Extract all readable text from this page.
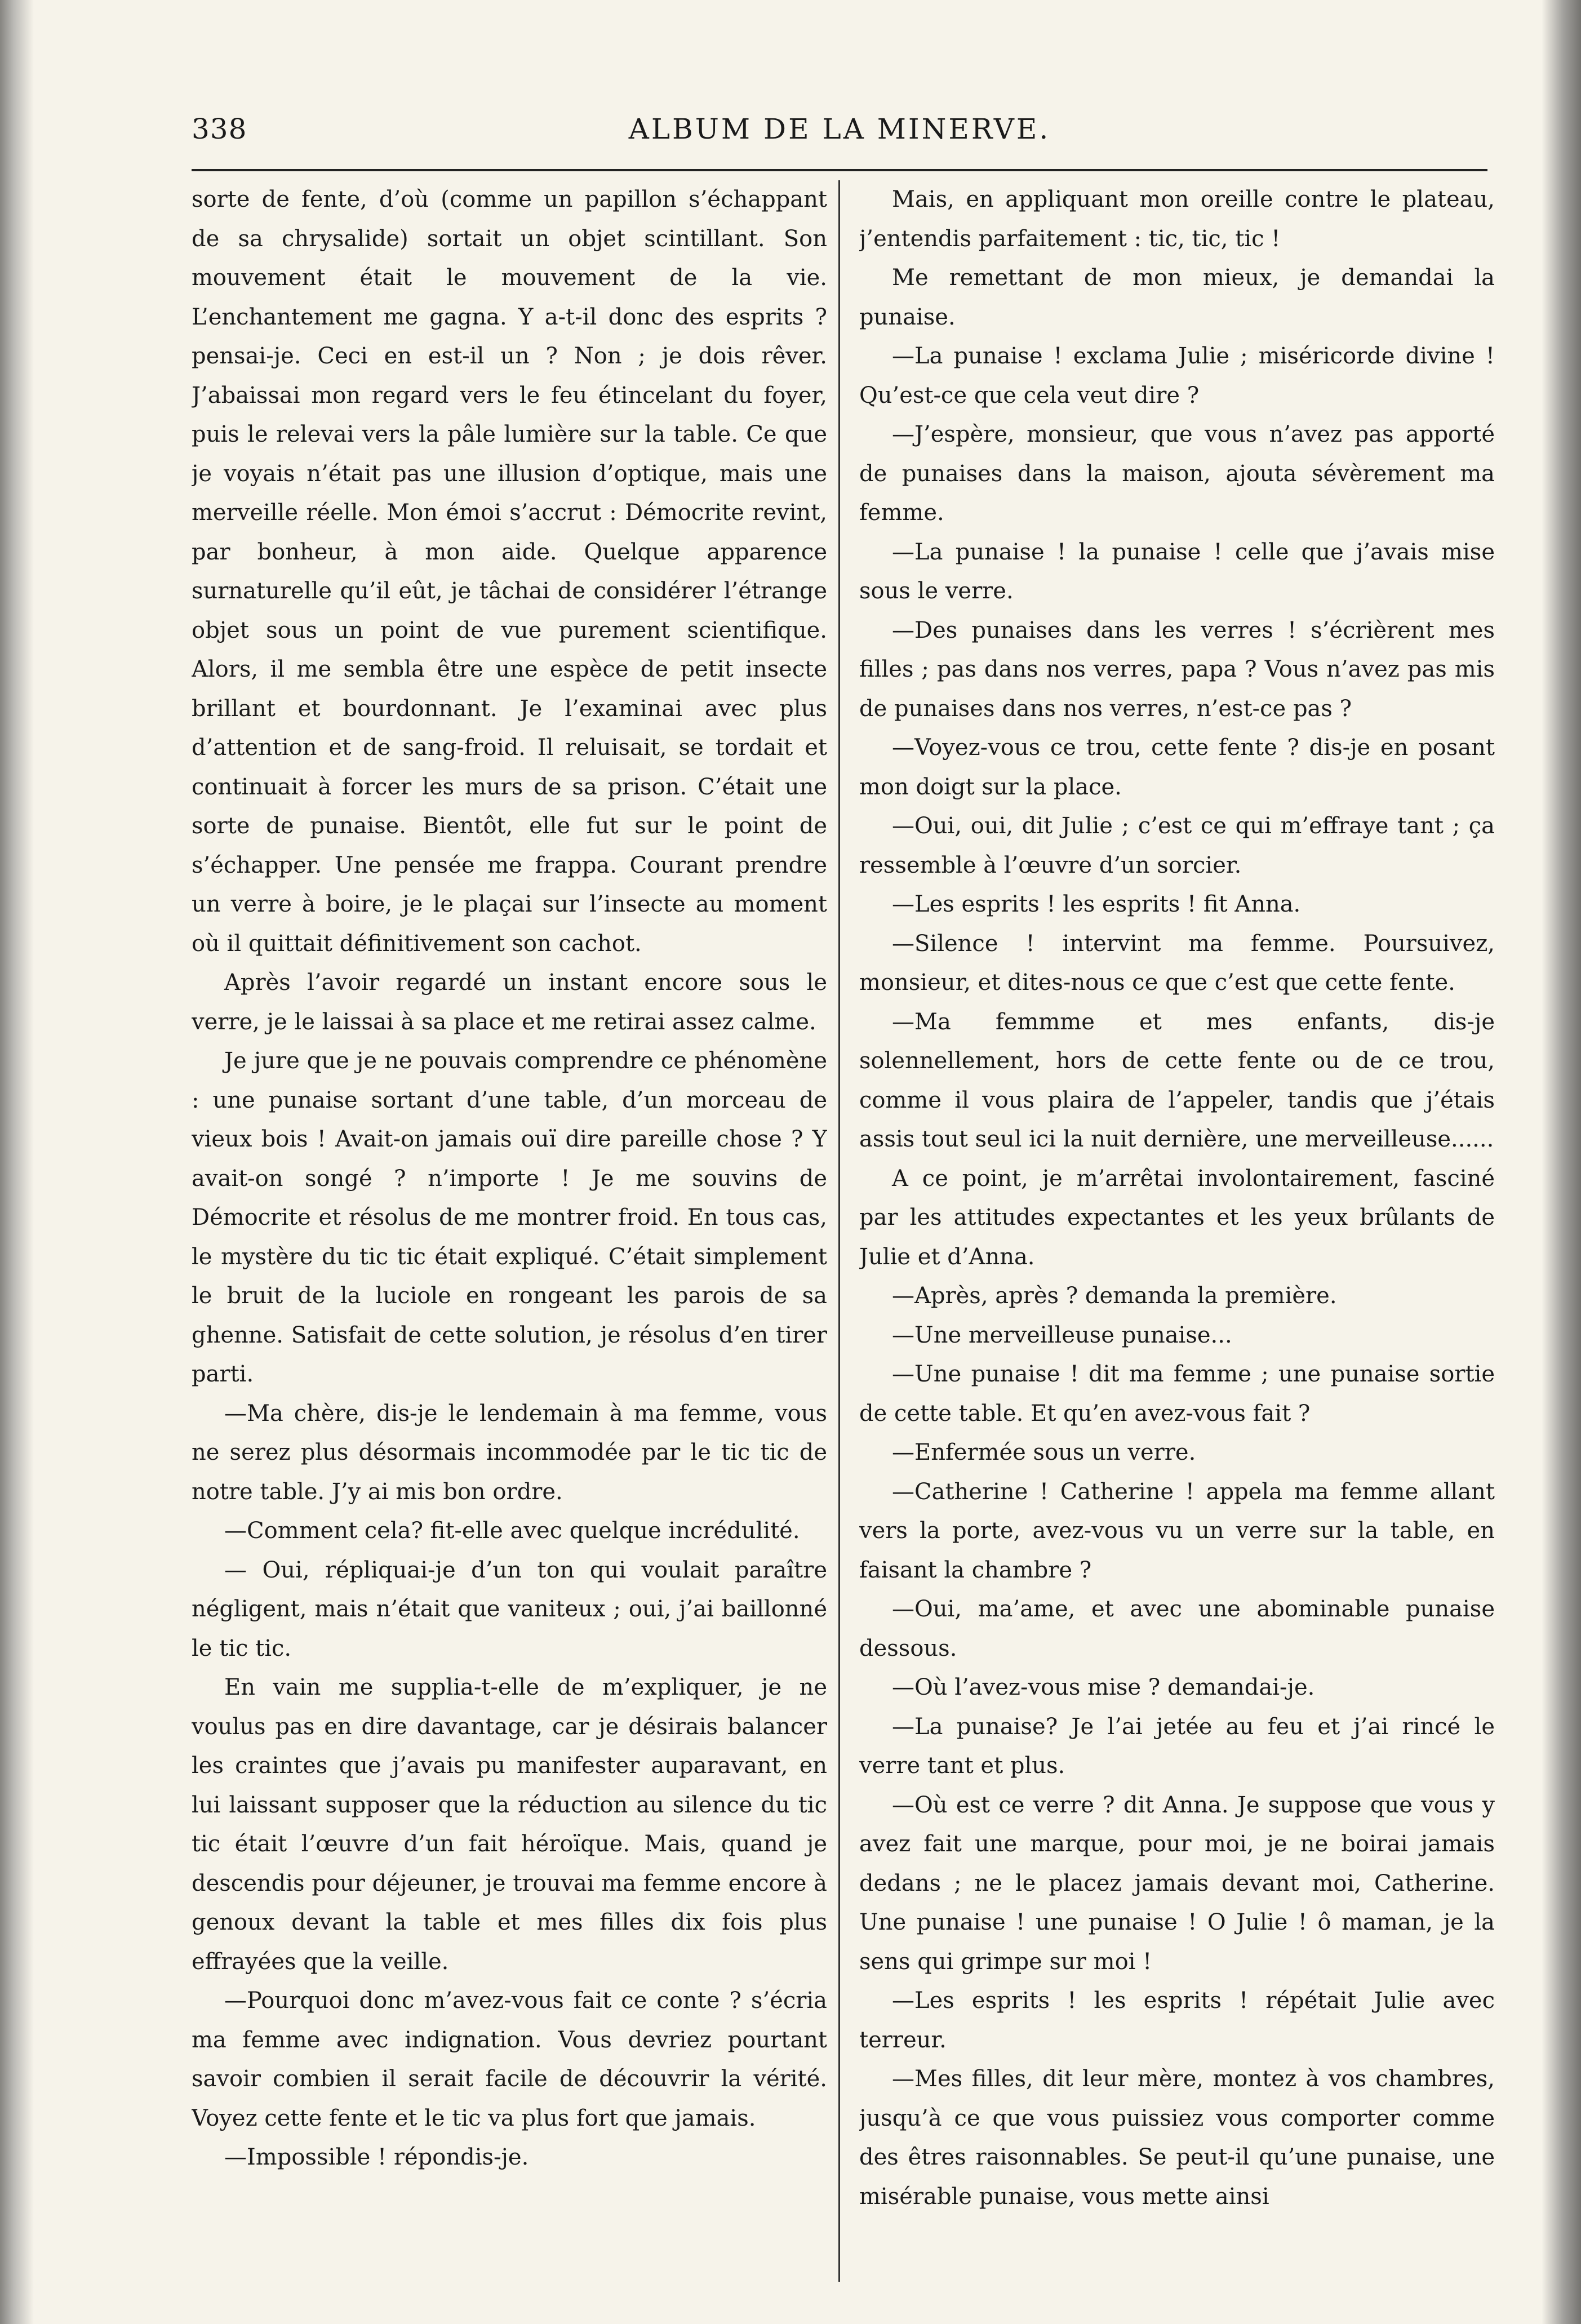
338	ALBUM DE LA MINERVE.

sorte de fente, d’où (comme un papillon s’échappant de sa chrysalide) sortait un objet scintillant. Son mouvement était le mouvement de la vie. L’enchantement me gagna. Y a-t-il donc des esprits ? pensai-je. Ceci en est-il un ? Non ; je dois rêver. J’abaissai mon regard vers le feu étincelant du foyer, puis le relevai vers la pâle lumière sur la table. Ce que je voyais n’était pas une illusion d’optique, mais une merveille réelle. Mon émoi s’accrut : Démocrite revint, par bonheur, à mon aide. Quelque apparence surnaturelle qu’il eût, je tâchai de considérer l’étrange objet sous un point de vue purement scientifique. Alors, il me sembla être une espèce de petit insecte brillant et bourdonnant. Je l’examinai avec plus d’attention et de sang-froid. Il reluisait, se tordait et continuait à forcer les murs de sa prison. C’était une sorte de punaise. Bientôt, elle fut sur le point de s’échapper. Une pensée me frappa. Courant prendre un verre à boire, je le plaçai sur l’insecte au moment où il quittait définitivement son cachot.

Après l’avoir regardé un instant encore sous le verre, je le laissai à sa place et me retirai assez calme.

Je jure que je ne pouvais comprendre ce phénomène : une punaise sortant d’une table, d’un morceau de vieux bois ! Avait-on jamais ouï dire pareille chose ? Y avait-on songé ? n’importe ! Je me souvins de Démocrite et résolus de me montrer froid. En tous cas, le mystère du tic tic était expliqué. C’était simplement le bruit de la luciole en rongeant les parois de sa ghenne. Satisfait de cette solution, je résolus d’en tirer parti.

—Ma chère, dis-je le lendemain à ma femme, vous ne serez plus désormais incommodée par le tic tic de notre table. J’y ai mis bon ordre.

—Comment cela? fit-elle avec quelque incrédulité.

— Oui, répliquai-je d’un ton qui voulait paraître négligent, mais n’était que vaniteux ; oui, j’ai baillonné le tic tic.

En vain me supplia-t-elle de m’expliquer, je ne voulus pas en dire davantage, car je désirais balancer les craintes que j’avais pu manifester auparavant, en lui laissant supposer que la réduction au silence du tic tic était l’œuvre d’un fait héroïque. Mais, quand je descendis pour déjeuner, je trouvai ma femme encore à genoux devant la table et mes filles dix fois plus effrayées que la veille.

—Pourquoi donc m’avez-vous fait ce conte ? s’écria ma femme avec indignation. Vous devriez pourtant savoir combien il serait facile de découvrir la vérité. Voyez cette fente et le tic va plus fort que jamais.

—Impossible ! répondis-je.

Mais, en appliquant mon oreille contre le plateau, j’entendis parfaitement : tic, tic, tic !

Me remettant de mon mieux, je demandai la punaise.

—La punaise ! exclama Julie ; miséricorde divine ! Qu’est-ce que cela veut dire ?

—J’espère, monsieur, que vous n’avez pas apporté de punaises dans la maison, ajouta sévèrement ma femme.

—La punaise ! la punaise ! celle que j’avais mise sous le verre.

—Des punaises dans les verres ! s’écrièrent mes filles ; pas dans nos verres, papa ? Vous n’avez pas mis de punaises dans nos verres, n’est-ce pas ?

—Voyez-vous ce trou, cette fente ? dis-je en posant mon doigt sur la place.

—Oui, oui, dit Julie ; c’est ce qui m’effraye tant ; ça ressemble à l’œuvre d’un sorcier.

—Les esprits ! les esprits ! fit Anna.

—Silence ! intervint ma femme. Poursuivez, monsieur, et dites-nous ce que c’est que cette fente.

—Ma femmme et mes enfants, dis-je solennellement, hors de cette fente ou de ce trou, comme il vous plaira de l’appeler, tandis que j’étais assis tout seul ici la nuit dernière, une merveilleuse......

A ce point, je m’arrêtai involontairement, fasciné par les attitudes expectantes et les yeux brûlants de Julie et d’Anna.

—Après, après ? demanda la première.

—Une merveilleuse punaise...

—Une punaise ! dit ma femme ; une punaise sortie de cette table. Et qu’en avez-vous fait ?

—Enfermée sous un verre.

—Catherine ! Catherine ! appela ma femme allant vers la porte, avez-vous vu un verre sur la table, en faisant la chambre ?

—Oui, ma’ame, et avec une abominable punaise dessous.

—Où l’avez-vous mise ? demandai-je.

—La punaise? Je l’ai jetée au feu et j’ai rincé le verre tant et plus.

—Où est ce verre ? dit Anna. Je suppose que vous y avez fait une marque, pour moi, je ne boirai jamais dedans ; ne le placez jamais devant moi, Catherine. Une punaise ! une punaise ! O Julie ! ô maman, je la sens qui grimpe sur moi !

—Les esprits ! les esprits ! répétait Julie avec terreur.

—Mes filles, dit leur mère, montez à vos chambres, jusqu’à ce que vous puissiez vous comporter comme des êtres raisonnables. Se peut-il qu’une punaise, une misérable punaise, vous mette ainsi
